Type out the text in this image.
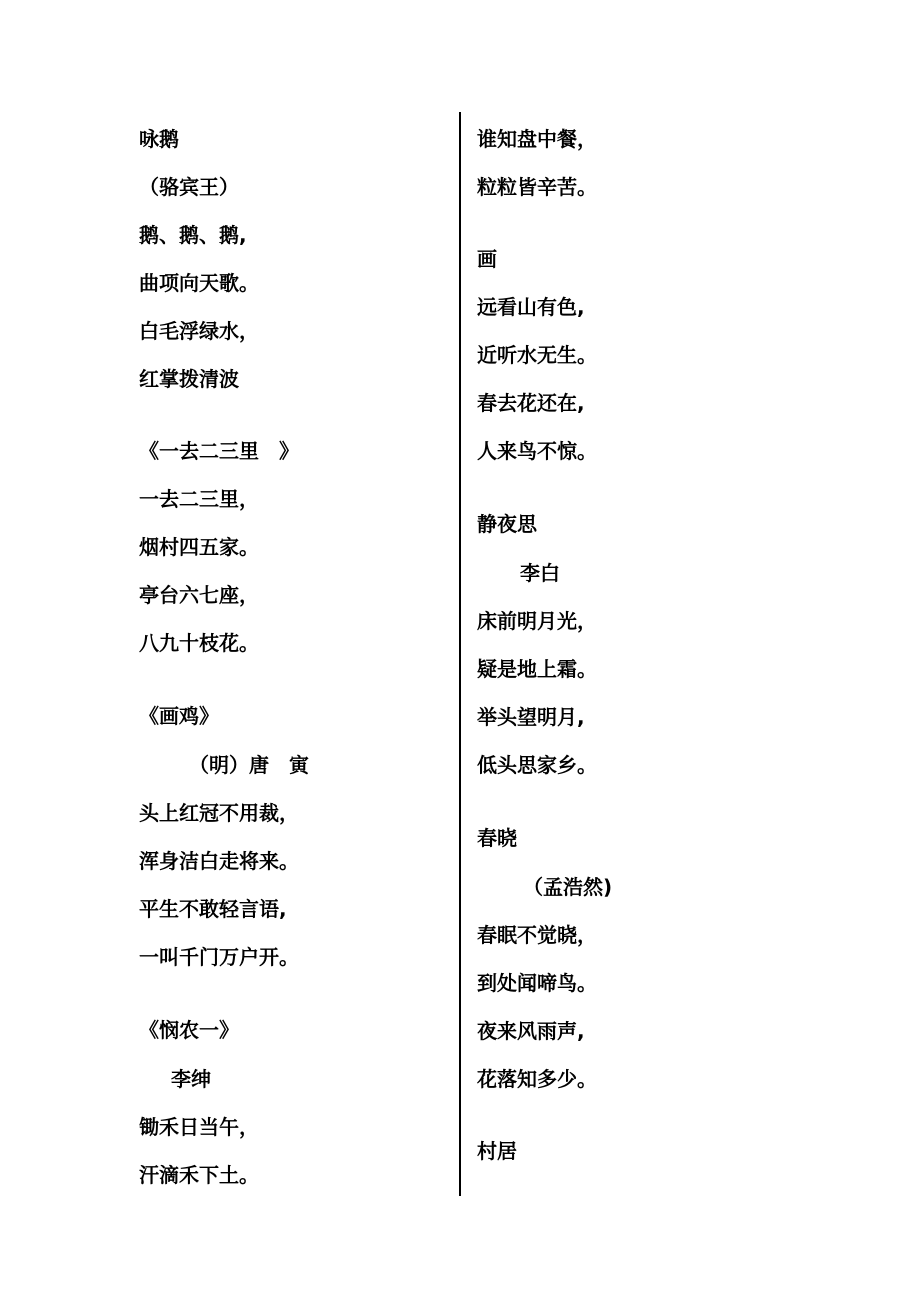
咏鹅
（骆宾王）
鹅、鹅、鹅,
曲项向天歌。
白毛浮绿水，
红掌拨清波
《一去二三里　》
一去二三里，
烟村四五家。
亭台六七座，
八九十枝花。
《画鸡》
（明）唐　寅
头上红冠不用裁，
浑身洁白走将来。
平生不敢轻言语,
一叫千门万户开。
《悯农一》
李绅
锄禾日当午，
汗滴禾下土。
谁知盘中餐，
粒粒皆辛苦。
画
远看山有色,
近听水无生。
春去花还在,
人来鸟不惊。
静夜思
李白
床前明月光，
疑是地上霜。
举头望明月,
低头思家乡。
春晓
（孟浩然)
春眠不觉晓，
到处闻啼鸟。
夜来风雨声,
花落知多少。
村居
